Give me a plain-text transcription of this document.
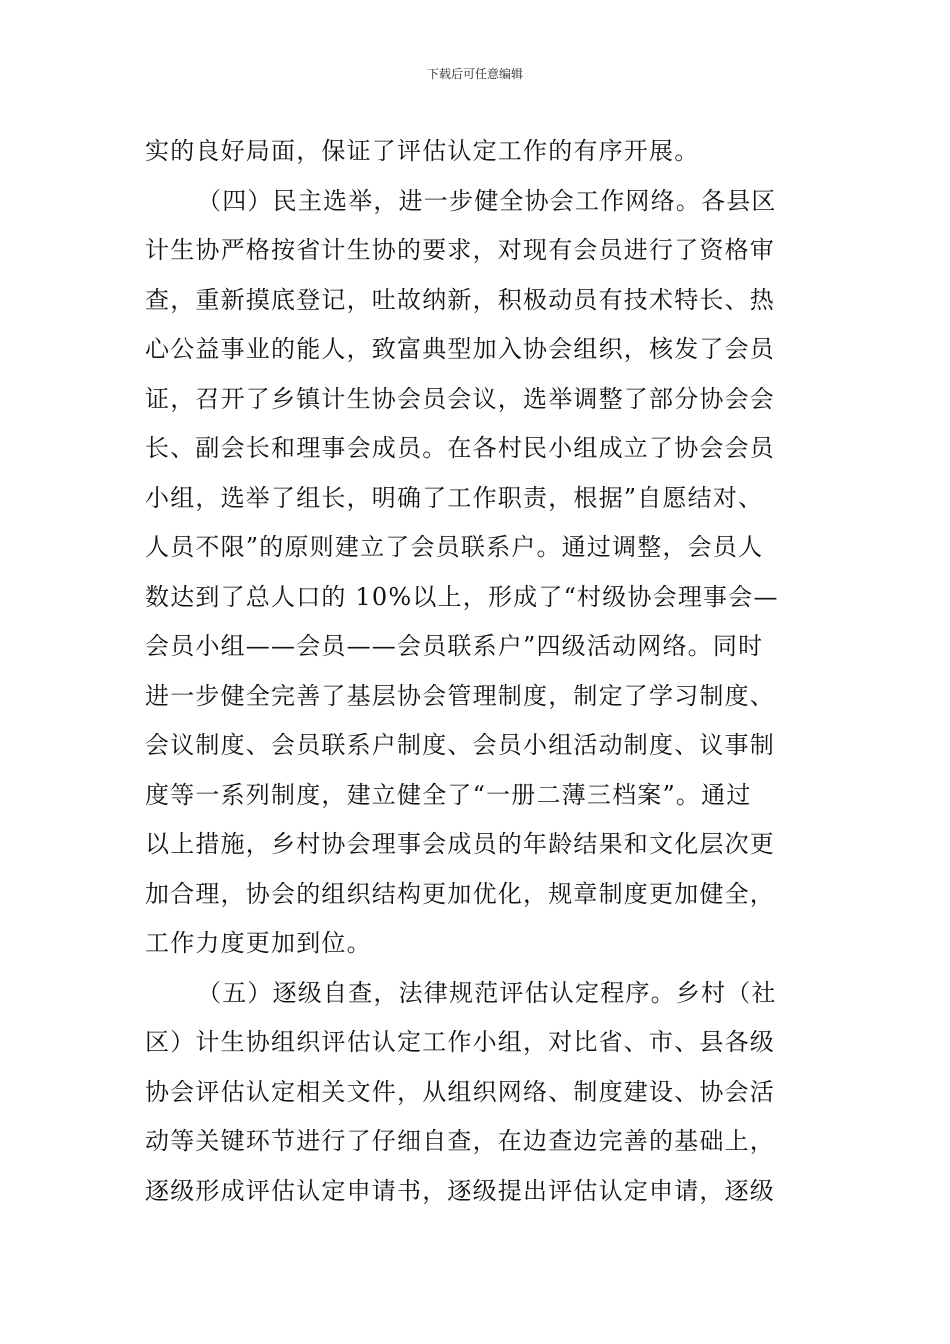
下载后可任意编辑
实的良好局面，保证了评估认定工作的有序开展。
（四）民主选举，进一步健全协会工作网络。各县区
计生协严格按省计生协的要求，对现有会员进行了资格审
查，重新摸底登记，吐故纳新，积极动员有技术特长、热
心公益事业的能人，致富典型加入协会组织，核发了会员
证，召开了乡镇计生协会员会议，选举调整了部分协会会
长、副会长和理事会成员。在各村民小组成立了协会会员
小组，选举了组长，明确了工作职责，根据”自愿结对、
人员不限”的原则建立了会员联系户。通过调整，会员人
数达到了总人口的 10%以上，形成了“村级协会理事会—
会员小组——会员——会员联系户”四级活动网络。同时
进一步健全完善了基层协会管理制度，制定了学习制度、
会议制度、会员联系户制度、会员小组活动制度、议事制
度等一系列制度，建立健全了“一册二薄三档案”。通过
以上措施，乡村协会理事会成员的年龄结果和文化层次更
加合理，协会的组织结构更加优化，规章制度更加健全，
工作力度更加到位。
（五）逐级自查，法律规范评估认定程序。乡村（社
区）计生协组织评估认定工作小组，对比省、市、县各级
协会评估认定相关文件，从组织网络、制度建设、协会活
动等关键环节进行了仔细自查，在边查边完善的基础上，
逐级形成评估认定申请书，逐级提出评估认定申请，逐级
